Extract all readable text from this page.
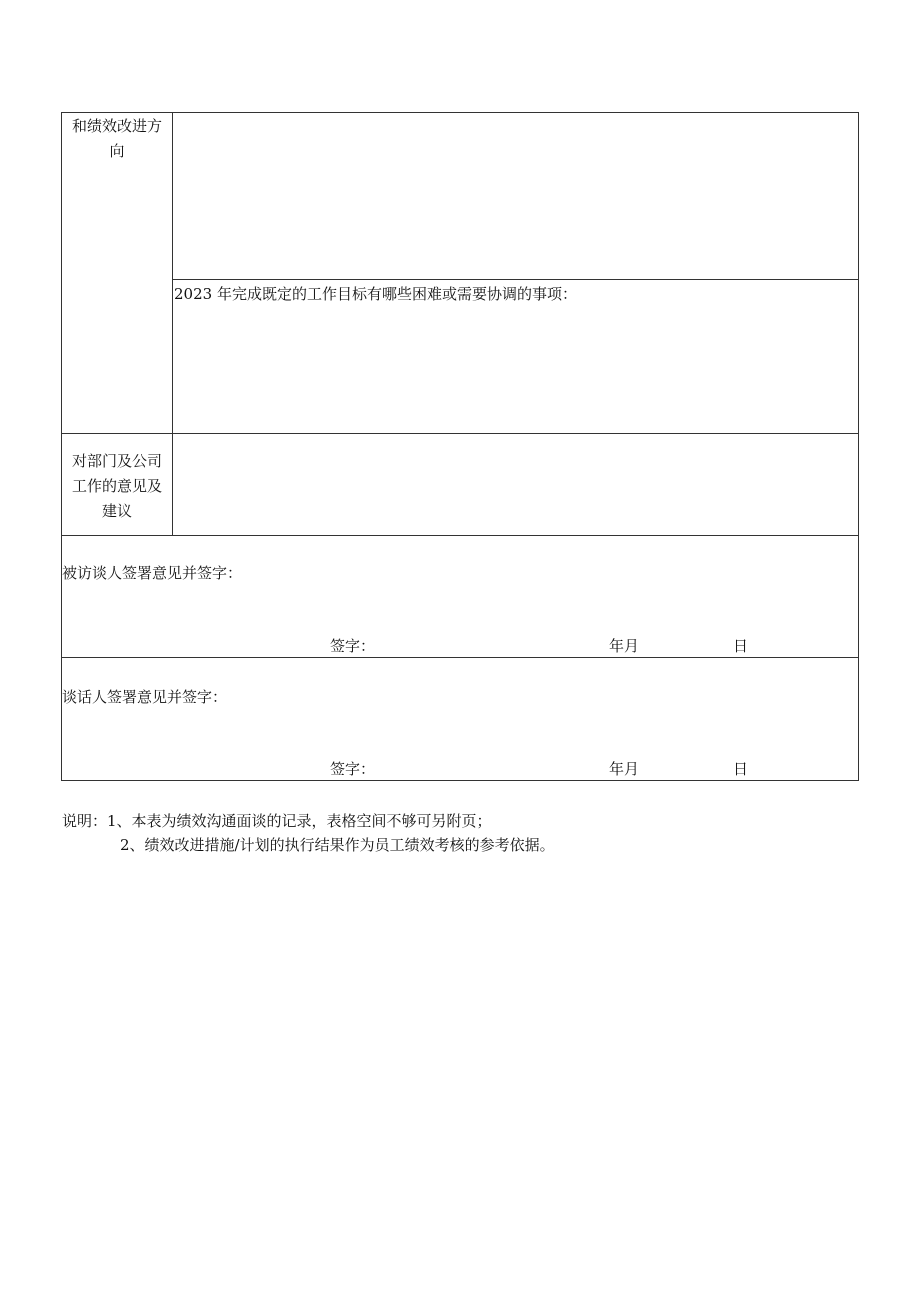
和绩效改进方
向
2023 年完成既定的工作目标有哪些困难或需要协调的事项：
对部门及公司
工作的意见及
建议
被访谈人签署意见并签字：
签字：	年月	日
谈话人签署意见并签字：
签字：	年月	日
说明：1、本表为绩效沟通面谈的记录，表格空间不够可另附页；
2、绩效改进措施/计划的执行结果作为员工绩效考核的参考依据。
